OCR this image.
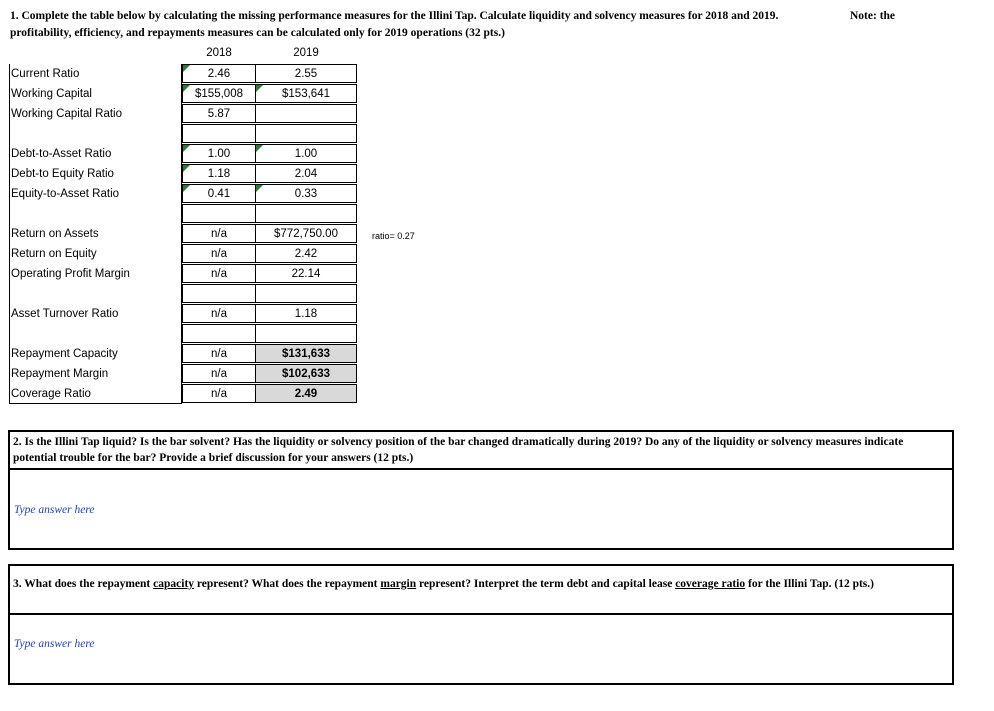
1. Complete the table below by calculating the missing performance measures for the Illini Tap. Calculate liquidity and solvency measures for 2018 and 2019. profitability, efficiency, and repayments measures can be calculated only for 2019 operations (32 pts.)
Note: the
2018	2019
Current Ratio	2.46	2.55
Working Capital	$155,008	$153,641
Working Capital Ratio	5.87
Debt-to-Asset Ratio	1.00	1.00
Debt-to Equity Ratio	1.18	2.04
Equity-to-Asset Ratio	0.41	0.33
Return on Assets	n/a	$772,750.00
Return on Equity	n/a	2.42
Operating Profit Margin	n/a	22.14
Asset Turnover Ratio	n/a	1.18
Repayment Capacity	n/a	$131,633
Repayment Margin	n/a	$102,633
Coverage Ratio	n/a	2.49
ratio= 0.27
2. Is the Illini Tap liquid? Is the bar solvent? Has the liquidity or solvency position of the bar changed dramatically during 2019? Do any of the liquidity or solvency measures indicate potential trouble for the bar? Provide a brief discussion for your answers (12 pts.)
Type answer here
3. What does the repayment capacity represent? What does the repayment margin represent? Interpret the term debt and capital lease coverage ratio for the Illini Tap. (12 pts.)
Type answer here
